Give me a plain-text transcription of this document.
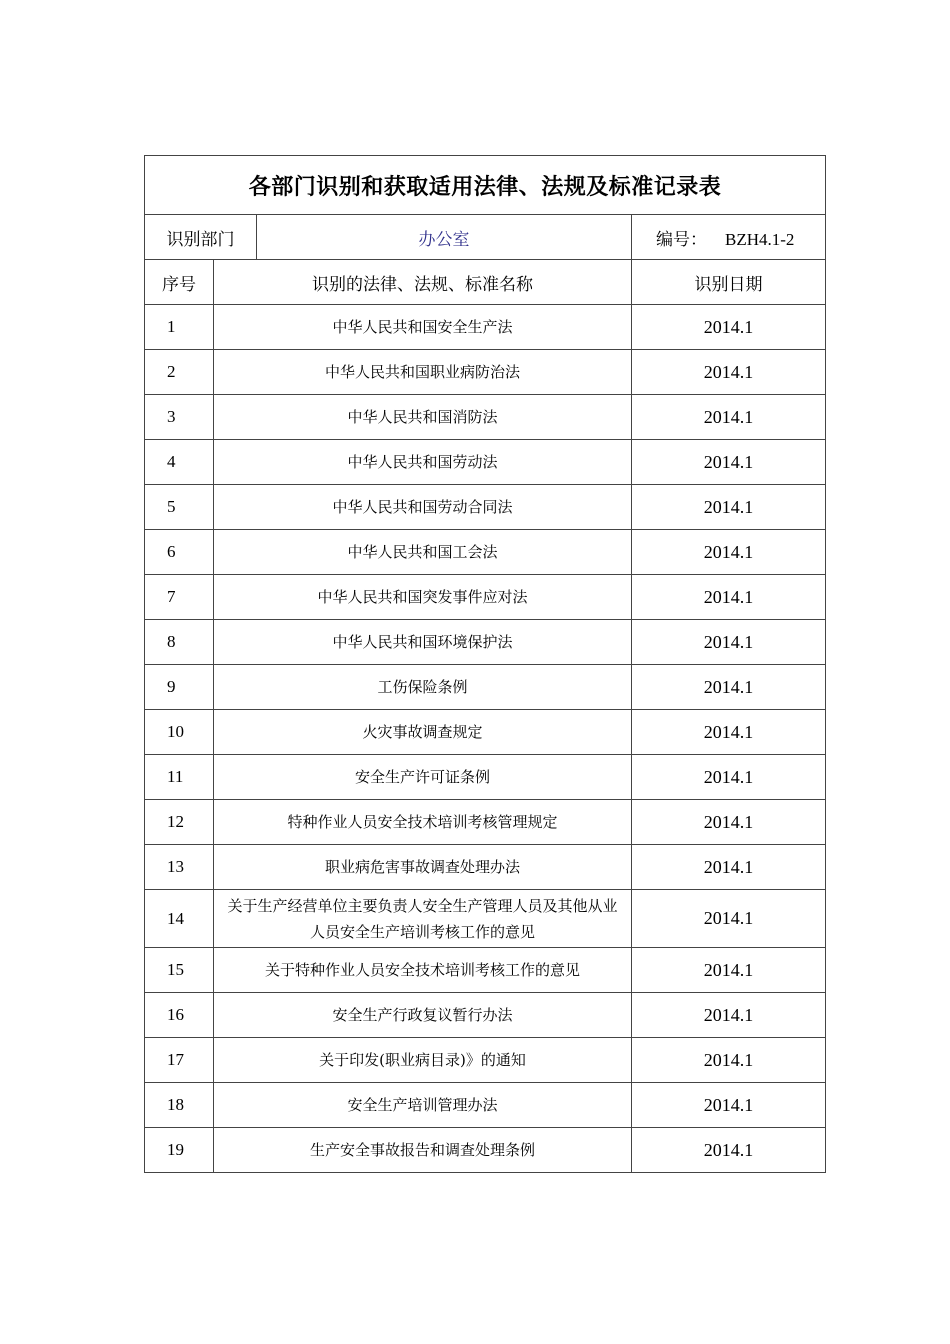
各部门识别和获取适用法律、法规及标准记录表			
识别部门		办公室	编号： BZH4.1-2
序号	识别的法律、法规、标准名称		识别日期
1	中华人民共和国安全生产法		2014.1
2	中华人民共和国职业病防治法		2014.1
3	中华人民共和国消防法		2014.1
4	中华人民共和国劳动法		2014.1
5	中华人民共和国劳动合同法		2014.1
6	中华人民共和国工会法		2014.1
7	中华人民共和国突发事件应对法		2014.1
8	中华人民共和国环境保护法		2014.1
9	工伤保险条例		2014.1
10	火灾事故调查规定		2014.1
11	安全生产许可证条例		2014.1
12	特种作业人员安全技术培训考核管理规定		2014.1
13	职业病危害事故调查处理办法		2014.1
14	关于生产经营单位主要负责人安全生产管理人员及其他从业人员安全生产培训考核工作的意见		2014.1
15	关于特种作业人员安全技术培训考核工作的意见		2014.1
16	安全生产行政复议暂行办法		2014.1
17	关于印发(职业病目录)》的通知		2014.1
18	安全生产培训管理办法		2014.1
19	生产安全事故报告和调查处理条例		2014.1
